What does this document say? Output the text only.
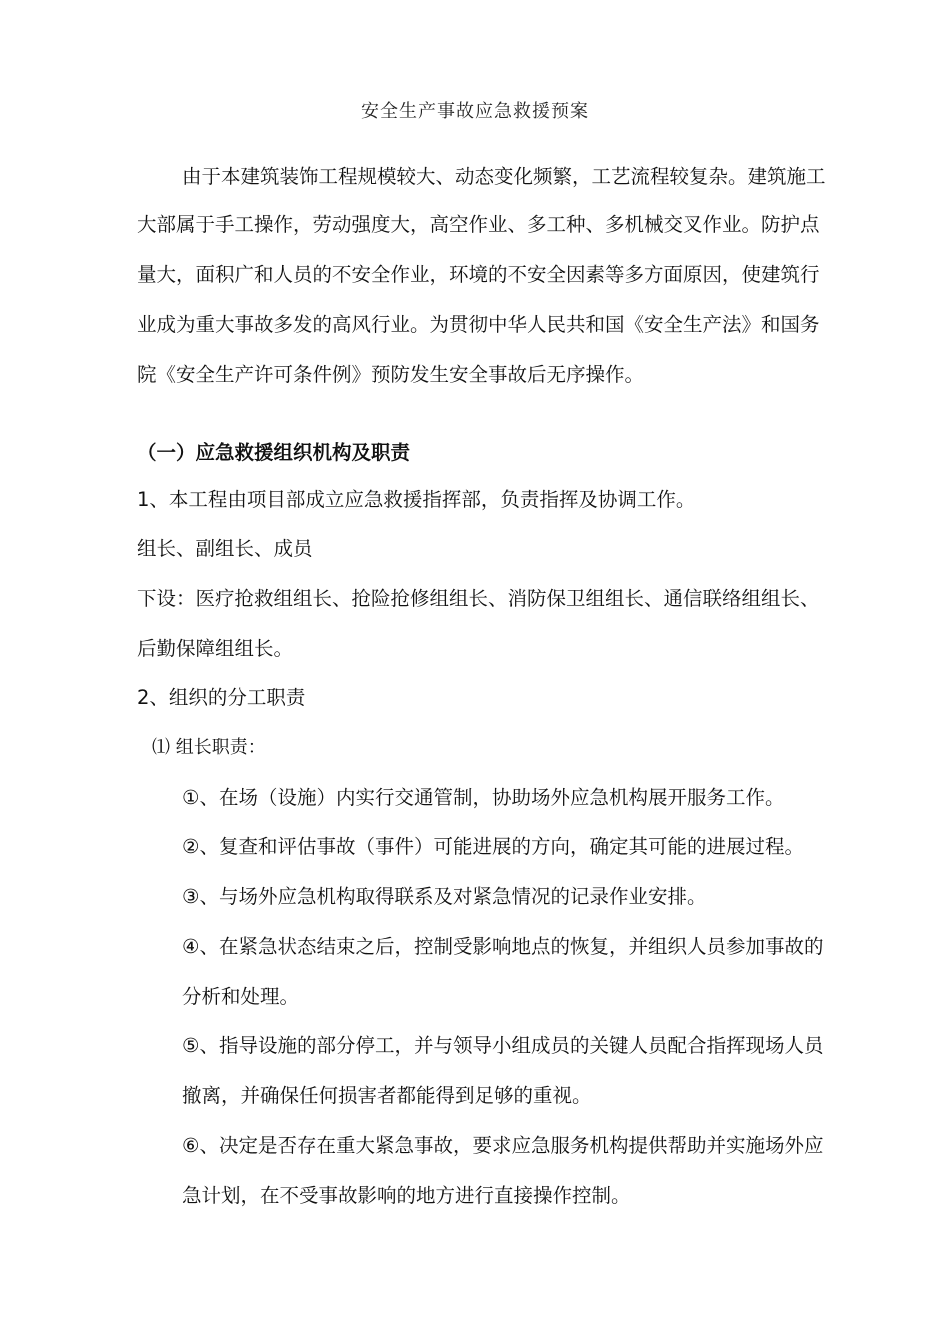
安全生产事故应急救援预案
由于本建筑装饰工程规模较大、动态变化频繁，工艺流程较复杂。建筑施工
大部属于手工操作，劳动强度大，高空作业、多工种、多机械交叉作业。防护点
量大，面积广和人员的不安全作业，环境的不安全因素等多方面原因，使建筑行
业成为重大事故多发的高风行业。为贯彻中华人民共和国《安全生产法》和国务
院《安全生产许可条件例》预防发生安全事故后无序操作。
（一）应急救援组织机构及职责
1、本工程由项目部成立应急救援指挥部，负责指挥及协调工作。
组长、副组长、成员
下设：医疗抢救组组长、抢险抢修组组长、消防保卫组组长、通信联络组组长、
后勤保障组组长。
2、组织的分工职责
⑴ 组长职责：
①、在场（设施）内实行交通管制，协助场外应急机构展开服务工作。
②、复查和评估事故（事件）可能进展的方向，确定其可能的进展过程。
③、与场外应急机构取得联系及对紧急情况的记录作业安排。
④、在紧急状态结束之后，控制受影响地点的恢复，并组织人员参加事故的
分析和处理。
⑤、指导设施的部分停工，并与领导小组成员的关键人员配合指挥现场人员
撤离，并确保任何损害者都能得到足够的重视。
⑥、决定是否存在重大紧急事故，要求应急服务机构提供帮助并实施场外应
急计划，在不受事故影响的地方进行直接操作控制。
